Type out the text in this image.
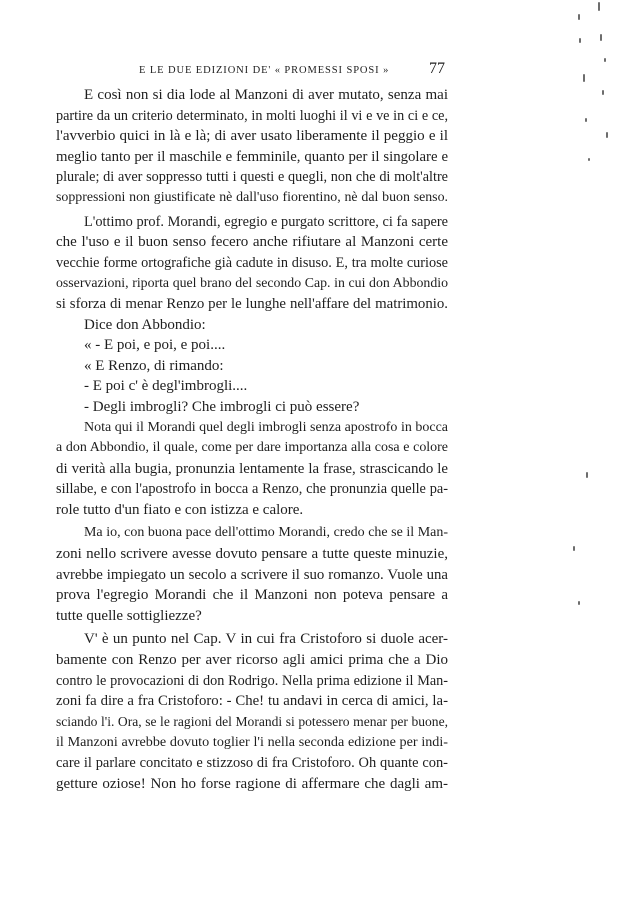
E LE DUE EDIZIONI DE' « PROMESSI SPOSI » 77
E così non si dia lode al Manzoni di aver mutato, senza mai
partire da un criterio determinato, in molti luoghi il vi e ve in ci e ce,
l'avverbio quici in là e là; di aver usato liberamente il peggio e il
meglio tanto per il maschile e femminile, quanto per il singolare e
plurale; di aver soppresso tutti i questi e quegli, non che di molt'altre
soppressioni non giustificate nè dall'uso fiorentino, nè dal buon senso.
L'ottimo prof. Morandi, egregio e purgato scrittore, ci fa sapere
che l'uso e il buon senso fecero anche rifiutare al Manzoni certe
vecchie forme ortografiche già cadute in disuso. E, tra molte curiose
osservazioni, riporta quel brano del secondo Cap. in cui don Abbondio
si sforza di menar Renzo per le lunghe nell'affare del matrimonio.
Dice don Abbondio:
« - E poi, e poi, e poi....
« E Renzo, di rimando:
- E poi c' è degl'imbrogli....
- Degli imbrogli? Che imbrogli ci può essere?
Nota qui il Morandi quel degli imbrogli senza apostrofo in bocca
a don Abbondio, il quale, come per dare importanza alla cosa e colore
di verità alla bugia, pronunzia lentamente la frase, strascicando le
sillabe, e con l'apostrofo in bocca a Renzo, che pronunzia quelle pa-
role tutto d'un fiato e con istizza e calore.
Ma io, con buona pace dell'ottimo Morandi, credo che se il Man-
zoni nello scrivere avesse dovuto pensare a tutte queste minuzie,
avrebbe impiegato un secolo a scrivere il suo romanzo. Vuole una
prova l'egregio Morandi che il Manzoni non poteva pensare a
tutte quelle sottigliezze?
V' è un punto nel Cap. V in cui fra Cristoforo si duole acer-
bamente con Renzo per aver ricorso agli amici prima che a Dio
contro le provocazioni di don Rodrigo. Nella prima edizione il Man-
zoni fa dire a fra Cristoforo: - Che! tu andavi in cerca di amici, la-
sciando l'i. Ora, se le ragioni del Morandi si potessero menar per buone,
il Manzoni avrebbe dovuto toglier l'i nella seconda edizione per indi-
care il parlare concitato e stizzoso di fra Cristoforo. Oh quante con-
getture oziose! Non ho forse ragione di affermare che dagli am-
